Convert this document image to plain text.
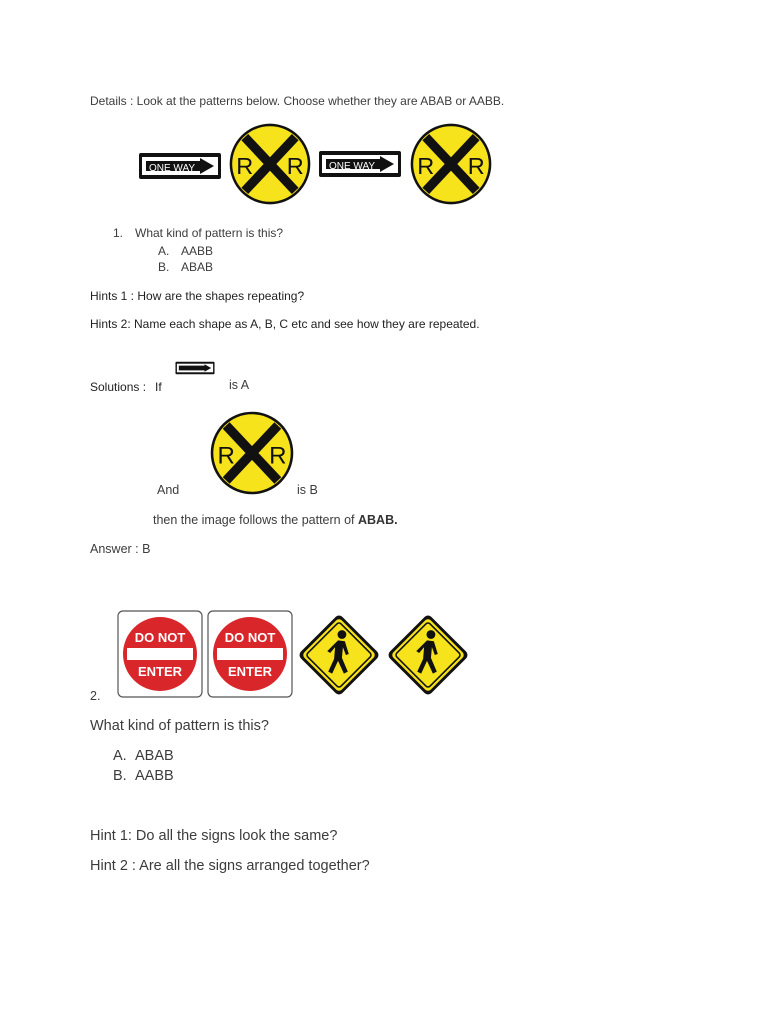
Details : Look at the patterns below. Choose whether they are ABAB or AABB.

ONE WAY R R	ONE WAY R R

1. What kind of pattern is this?

A. AABB

B. ABAB

Hints 1 : How are the shapes repeating?

Hints 2: Name each shape as A, B, C etc and see how they are repeated.

Solutions : If	is A

R R

And	is B

then the image follows the pattern of ABAB.

Answer : B

DO NOT
ENTER
DO NOT
ENTER

2.

What kind of pattern is this?

A. ABAB

B. AABB

Hint 1: Do all the signs look the same?

Hint 2 : Are all the signs arranged together?
